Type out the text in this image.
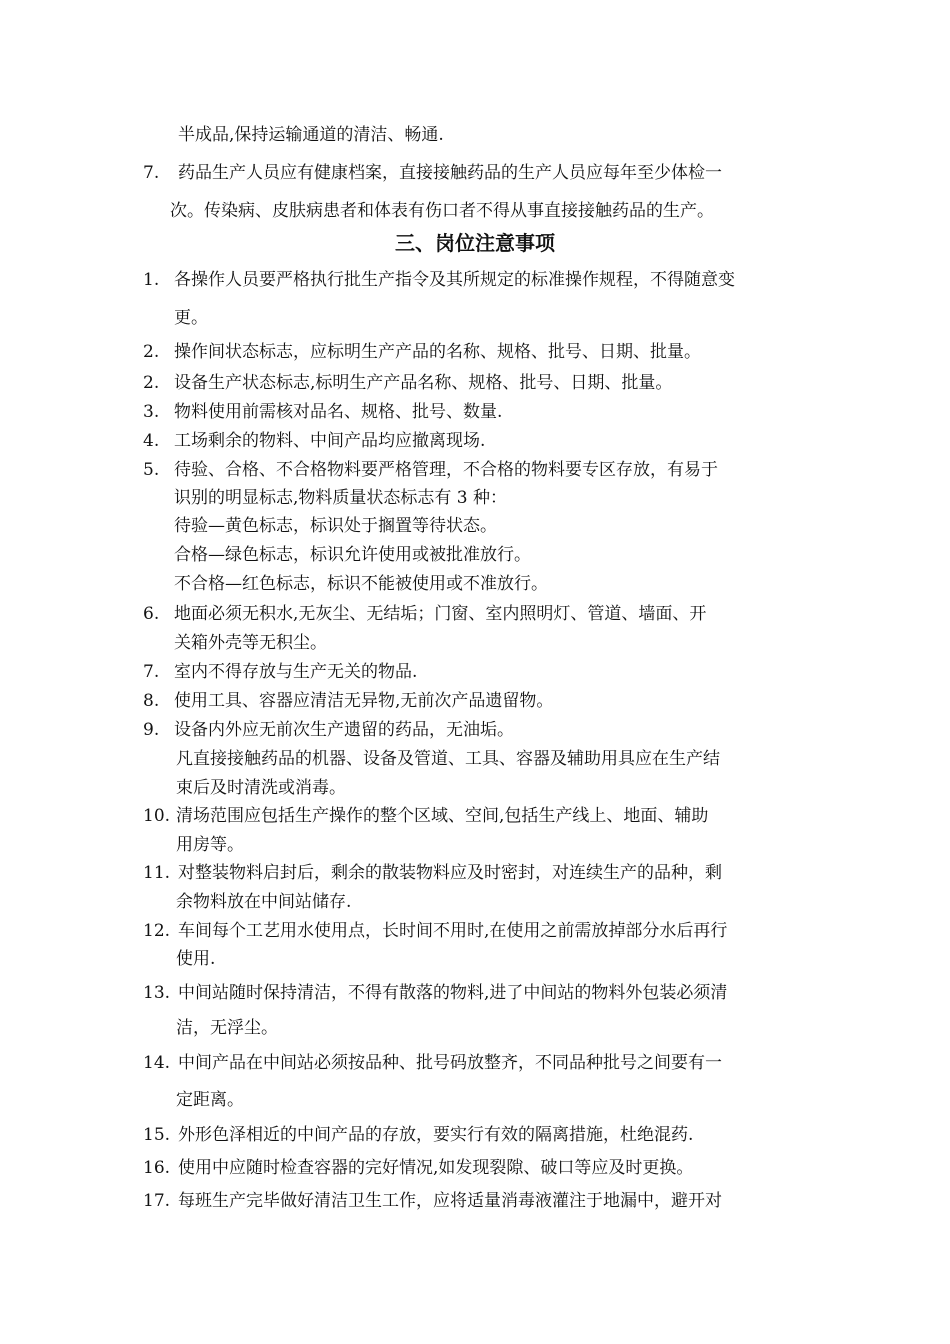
半成品,保持运输通道的清洁、畅通.
7. 药品生产人员应有健康档案，直接接触药品的生产人员应每年至少体检一
次。传染病、皮肤病患者和体表有伤口者不得从事直接接触药品的生产。
三、岗位注意事项
1. 各操作人员要严格执行批生产指令及其所规定的标准操作规程，不得随意变
更。
2. 操作间状态标志，应标明生产产品的名称、规格、批号、日期、批量。
2. 设备生产状态标志,标明生产产品名称、规格、批号、日期、批量。
3. 物料使用前需核对品名、规格、批号、数量.
4. 工场剩余的物料、中间产品均应撤离现场.
5. 待验、合格、不合格物料要严格管理，不合格的物料要专区存放，有易于
识别的明显标志,物料质量状态标志有 3 种：
待验—黄色标志，标识处于搁置等待状态。
合格—绿色标志，标识允许使用或被批准放行。
不合格—红色标志，标识不能被使用或不准放行。
6. 地面必须无积水,无灰尘、无结垢；门窗、室内照明灯、管道、墙面、开
关箱外壳等无积尘。
7. 室内不得存放与生产无关的物品.
8. 使用工具、容器应清洁无异物,无前次产品遗留物。
9. 设备内外应无前次生产遗留的药品，无油垢。
凡直接接触药品的机器、设备及管道、工具、容器及辅助用具应在生产结
束后及时清洗或消毒。
10. 清场范围应包括生产操作的整个区域、空间,包括生产线上、地面、辅助
用房等。
11. 对整装物料启封后，剩余的散装物料应及时密封，对连续生产的品种，剩
余物料放在中间站储存.
12. 车间每个工艺用水使用点，长时间不用时,在使用之前需放掉部分水后再行
使用.
13. 中间站随时保持清洁，不得有散落的物料,进了中间站的物料外包装必须清
洁，无浮尘。
14. 中间产品在中间站必须按品种、批号码放整齐，不同品种批号之间要有一
定距离。
15. 外形色泽相近的中间产品的存放，要实行有效的隔离措施，杜绝混药.
16. 使用中应随时检查容器的完好情况,如发现裂隙、破口等应及时更换。
17. 每班生产完毕做好清洁卫生工作，应将适量消毒液灌注于地漏中，避开对
